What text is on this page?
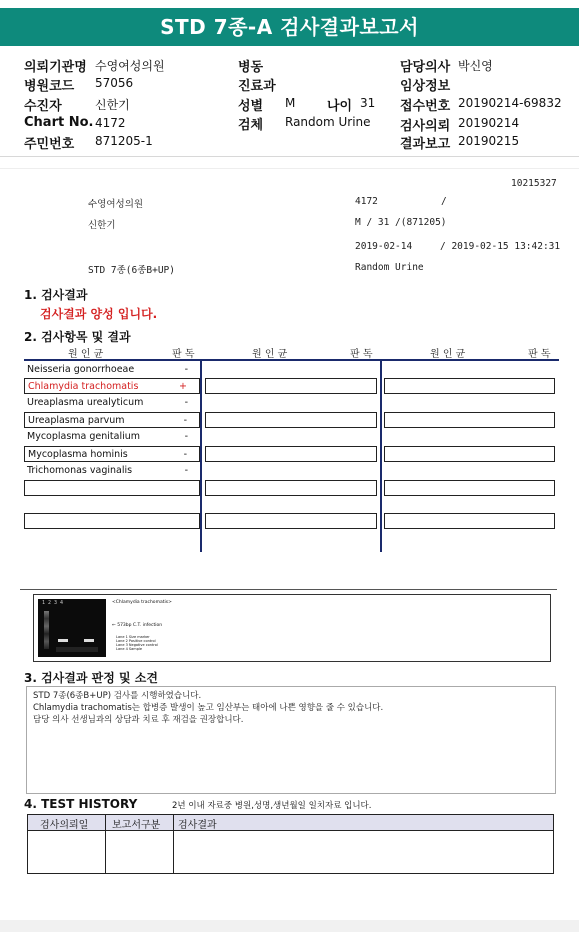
STD 7종-A 검사결과보고서
의뢰기관명 수영여성의원	병동	담당의사 박신영
병원코드 57056	진료과	임상정보
수진자	신한기	성별 M 나이 31 접수번호 20190214-69832
Chart No. 4172	검체 Random Urine 검사의뢰 20190214
주민번호 871205-1	결과보고 20190215
10215327
수영여성의원	4172	/
신한기	M / 31 /(871205)
2019-02-14	/ 2019-02-15 13:42:31
STD 7종(6종B+UP)	Random Urine
1. 검사결과
검사결과 양성 입니다.
2. 검사항목 및 결과
원 인 균	판 독	원 인 균	판 독	원 인 균	판 독
Neisseria gonorrhoeae	-
Chlamydia trachomatis	+
Ureaplasma urealyticum	-
Ureaplasma parvum	-
Mycoplasma genitalium	-
Mycoplasma hominis	-
Trichomonas vaginalis	-
1 2 3 4	<Chlamydia trachomatis>
← 573bp C.T. infection
Lane 1 Size marker
Lane 2 Positive control
Lane 3 Negative control
Lane 4 Sample
3. 검사결과 판정 및 소견
STD 7종(6종B+UP) 검사를 시행하였습니다.
Chlamydia trachomatis는 합병증 발생이 높고 임산부는 태아에 나쁜 영향을 줄 수 있습니다.
담당 의사 선생님과의 상담과 치료 후 재검을 권장합니다.
4. TEST HISTORY	2년 이내 자료중 병원,성명,생년월일 일치자료 입니다.
검사의뢰일 보고서구분 검사결과
